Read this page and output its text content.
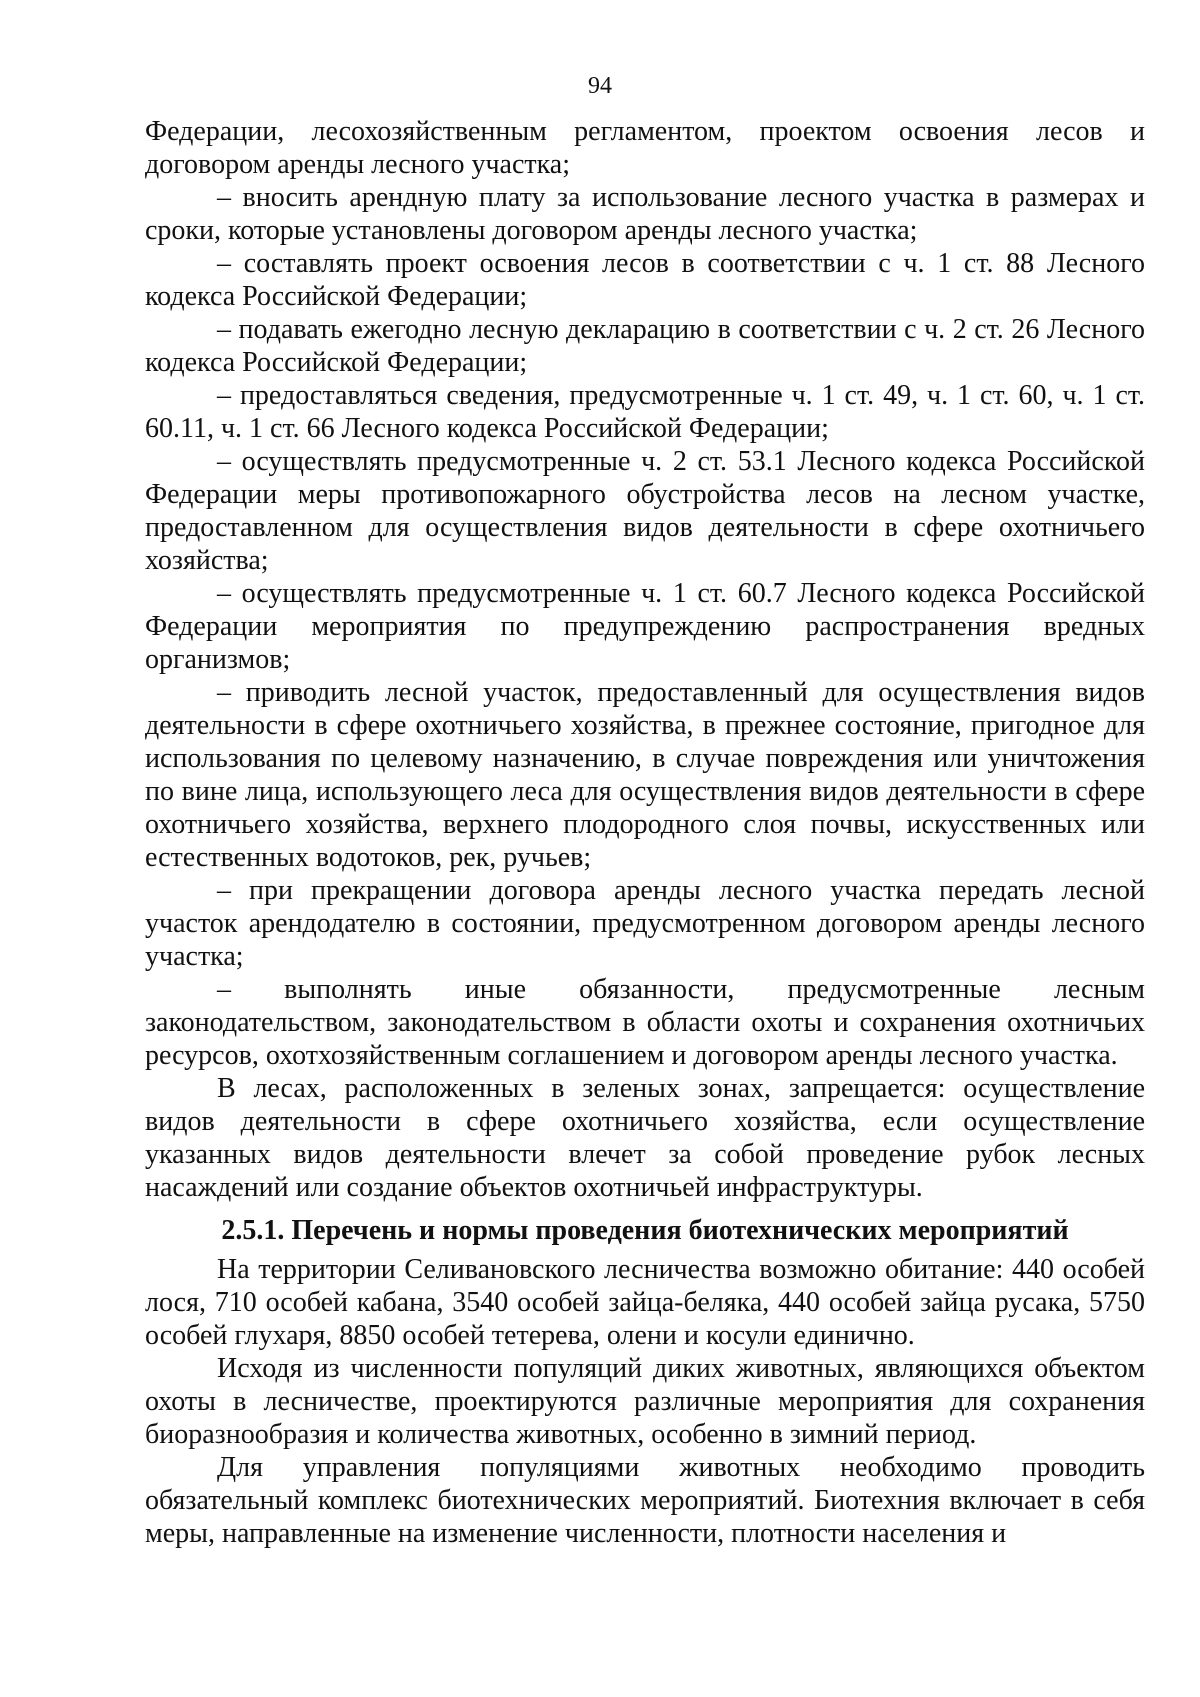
94

Федерации, лесохозяйственным регламентом, проектом освоения лесов и договором аренды лесного участка;

– вносить арендную плату за использование лесного участка в размерах и сроки, которые установлены договором аренды лесного участка;

– составлять проект освоения лесов в соответствии с ч. 1 ст. 88 Лесного кодекса Российской Федерации;

– подавать ежегодно лесную декларацию в соответствии с ч. 2 ст. 26 Лесного кодекса Российской Федерации;

– предоставляться сведения, предусмотренные ч. 1 ст. 49, ч. 1 ст. 60, ч. 1 ст. 60.11, ч. 1 ст. 66 Лесного кодекса Российской Федерации;

– осуществлять предусмотренные ч. 2 ст. 53.1 Лесного кодекса Российской Федерации меры противопожарного обустройства лесов на лесном участке, предоставленном для осуществления видов деятельности в сфере охотничьего хозяйства;

– осуществлять предусмотренные ч. 1 ст. 60.7 Лесного кодекса Российской Федерации мероприятия по предупреждению распространения вредных организмов;

– приводить лесной участок, предоставленный для осуществления видов деятельности в сфере охотничьего хозяйства, в прежнее состояние, пригодное для использования по целевому назначению, в случае повреждения или уничтожения по вине лица, использующего леса для осуществления видов деятельности в сфере охотничьего хозяйства, верхнего плодородного слоя почвы, искусственных или естественных водотоков, рек, ручьев;

– при прекращении договора аренды лесного участка передать лесной участок арендодателю в состоянии, предусмотренном договором аренды лесного участка;

– выполнять иные обязанности, предусмотренные лесным законодательством, законодательством в области охоты и сохранения охотничьих ресурсов, охотхозяйственным соглашением и договором аренды лесного участка.

В лесах, расположенных в зеленых зонах, запрещается: осуществление видов деятельности в сфере охотничьего хозяйства, если осуществление указанных видов деятельности влечет за собой проведение рубок лесных насаждений или создание объектов охотничьей инфраструктуры.

2.5.1. Перечень и нормы проведения биотехнических мероприятий

На территории Селивановского лесничества возможно обитание: 440 особей лося, 710 особей кабана, 3540 особей зайца-беляка, 440 особей зайца русака, 5750 особей глухаря, 8850 особей тетерева, олени и косули единично.

Исходя из численности популяций диких животных, являющихся объектом охоты в лесничестве, проектируются различные мероприятия для сохранения биоразнообразия и количества животных, особенно в зимний период.

Для управления популяциями животных необходимо проводить обязательный комплекс биотехнических мероприятий. Биотехния включает в себя меры, направленные на изменение численности, плотности населения и
